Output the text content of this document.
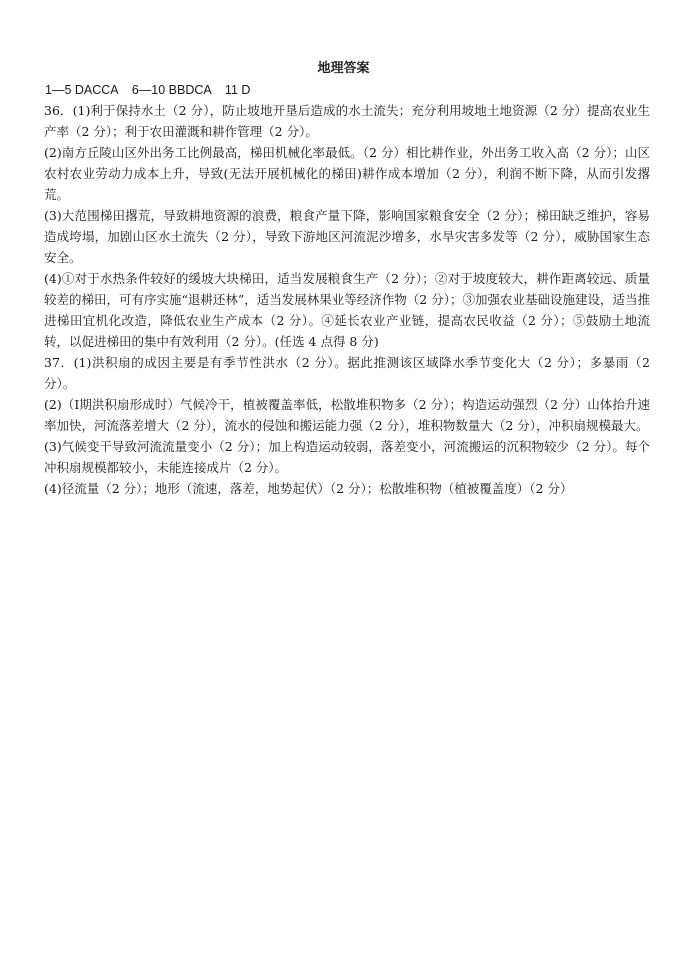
地理答案
1—5 DACCA    6—10 BBDCA    11 D

36．(1)利于保持水土（2 分），防止坡地开垦后造成的水土流失；充分利用坡地土地资源（2 分）提高农业生产率（2 分）；利于农田灌溉和耕作管理（2 分）。

(2)南方丘陵山区外出务工比例最高，梯田机械化率最低。（2 分）相比耕作业，外出务工收入高（2 分）；山区农村农业劳动力成本上升，导致(无法开展机械化的梯田)耕作成本增加（2 分），利润不断下降，从而引发撂荒。

(3)大范围梯田撂荒，导致耕地资源的浪费，粮食产量下降，影响国家粮食安全（2 分）；梯田缺乏维护，容易造成垮塌，加剧山区水土流失（2 分），导致下游地区河流泥沙增多，水旱灾害多发等（2 分），威胁国家生态安全。

(4)①对于水热条件较好的缓坡大块梯田，适当发展粮食生产（2 分）；②对于坡度较大，耕作距离较远、质量较差的梯田，可有序实施“退耕还林”，适当发展林果业等经济作物（2 分）；③加强农业基础设施建设，适当推进梯田宜机化改造，降低农业生产成本（2 分）。④延长农业产业链，提高农民收益（2 分）；⑤鼓励土地流转，以促进梯田的集中有效利用（2 分）。(任选 4 点得 8 分)

37．(1)洪积扇的成因主要是有季节性洪水（2 分）。据此推测该区域降水季节变化大（2 分）；多暴雨（2 分）。

(2)（Ⅰ期洪积扇形成时）气候冷干，植被覆盖率低，松散堆积物多（2 分）；构造运动强烈（2 分）山体抬升速率加快，河流落差增大（2 分），流水的侵蚀和搬运能力强（2 分），堆积物数量大（2 分），冲积扇规模最大。

(3)气候变干导致河流流量变小（2 分）；加上构造运动较弱，落差变小，河流搬运的沉积物较少（2 分）。每个冲积扇规模都较小，未能连接成片（2 分）。

(4)径流量（2 分）；地形（流速，落差，地势起伏）（2 分）；松散堆积物（植被覆盖度）（2 分）
